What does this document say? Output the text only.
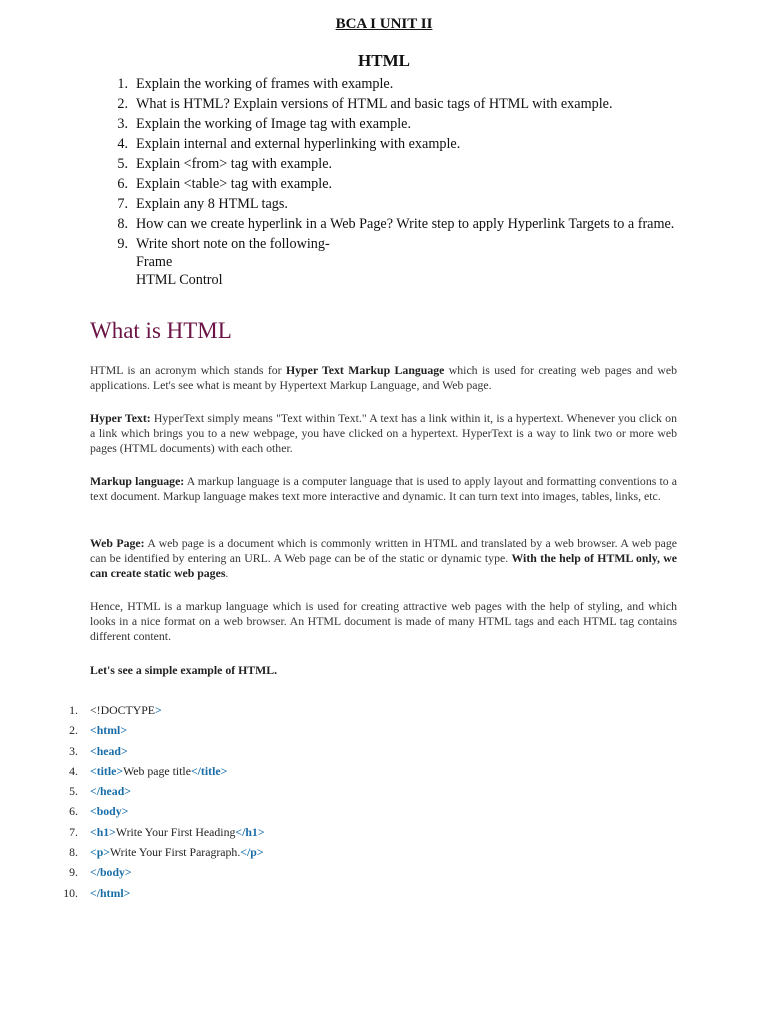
BCA I UNIT II
HTML
1. Explain the working of frames with example.
2. What is HTML? Explain versions of HTML and basic tags of HTML with example.
3. Explain the working of Image tag with example.
4. Explain internal and external hyperlinking with example.
5. Explain <from> tag with example.
6. Explain <table> tag with example.
7. Explain any 8 HTML tags.
8. How can we create hyperlink in a Web Page? Write step to apply Hyperlink Targets to a frame.
9. Write short note on the following-
Frame
HTML Control
What is HTML

HTML is an acronym which stands for Hyper Text Markup Language which is used for creating web pages and web applications. Let's see what is meant by Hypertext Markup Language, and Web page.

Hyper Text: HyperText simply means "Text within Text." A text has a link within it, is a hypertext. Whenever you click on a link which brings you to a new webpage, you have clicked on a hypertext. HyperText is a way to link two or more web pages (HTML documents) with each other.

Markup language: A markup language is a computer language that is used to apply layout and formatting conventions to a text document. Markup language makes text more interactive and dynamic. It can turn text into images, tables, links, etc.

Web Page: A web page is a document which is commonly written in HTML and translated by a web browser. A web page can be identified by entering an URL. A Web page can be of the static or dynamic type. With the help of HTML only, we can create static web pages.

Hence, HTML is a markup language which is used for creating attractive web pages with the help of styling, and which looks in a nice format on a web browser. An HTML document is made of many HTML tags and each HTML tag contains different content.

Let's see a simple example of HTML.

1. <!DOCTYPE>
2. <html>
3. <head>
4. <title>Web page title</title>
5. </head>
6. <body>
7. <h1>Write Your First Heading</h1>
8. <p>Write Your First Paragraph.</p>
9. </body>
10. </html>
